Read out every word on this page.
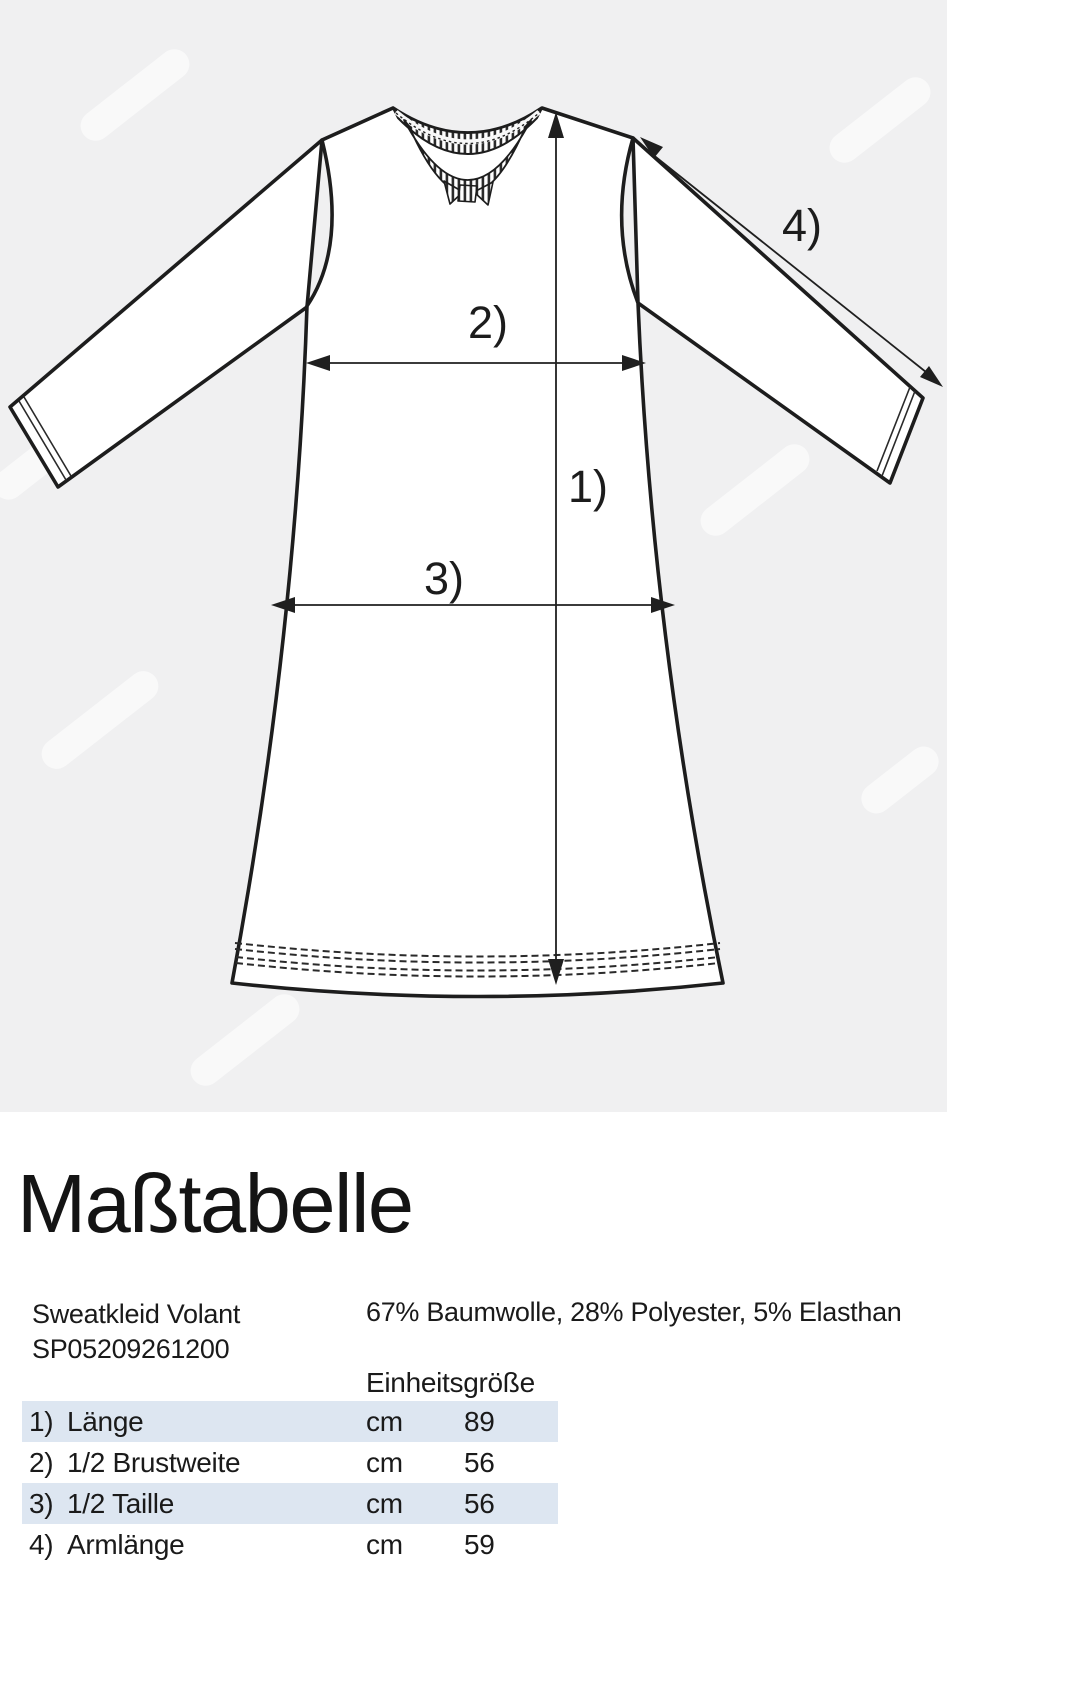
1)
2)
3)
4)
Maßtabelle
Sweatkleid Volant
SP05209261200
67% Baumwolle, 28% Polyester, 5% Elasthan
Einheitsgröße
1) Länge	cm 89
2) 1/2 Brustweite	cm 56
3) 1/2 Taille	cm 56
4) Armlänge	cm 59
